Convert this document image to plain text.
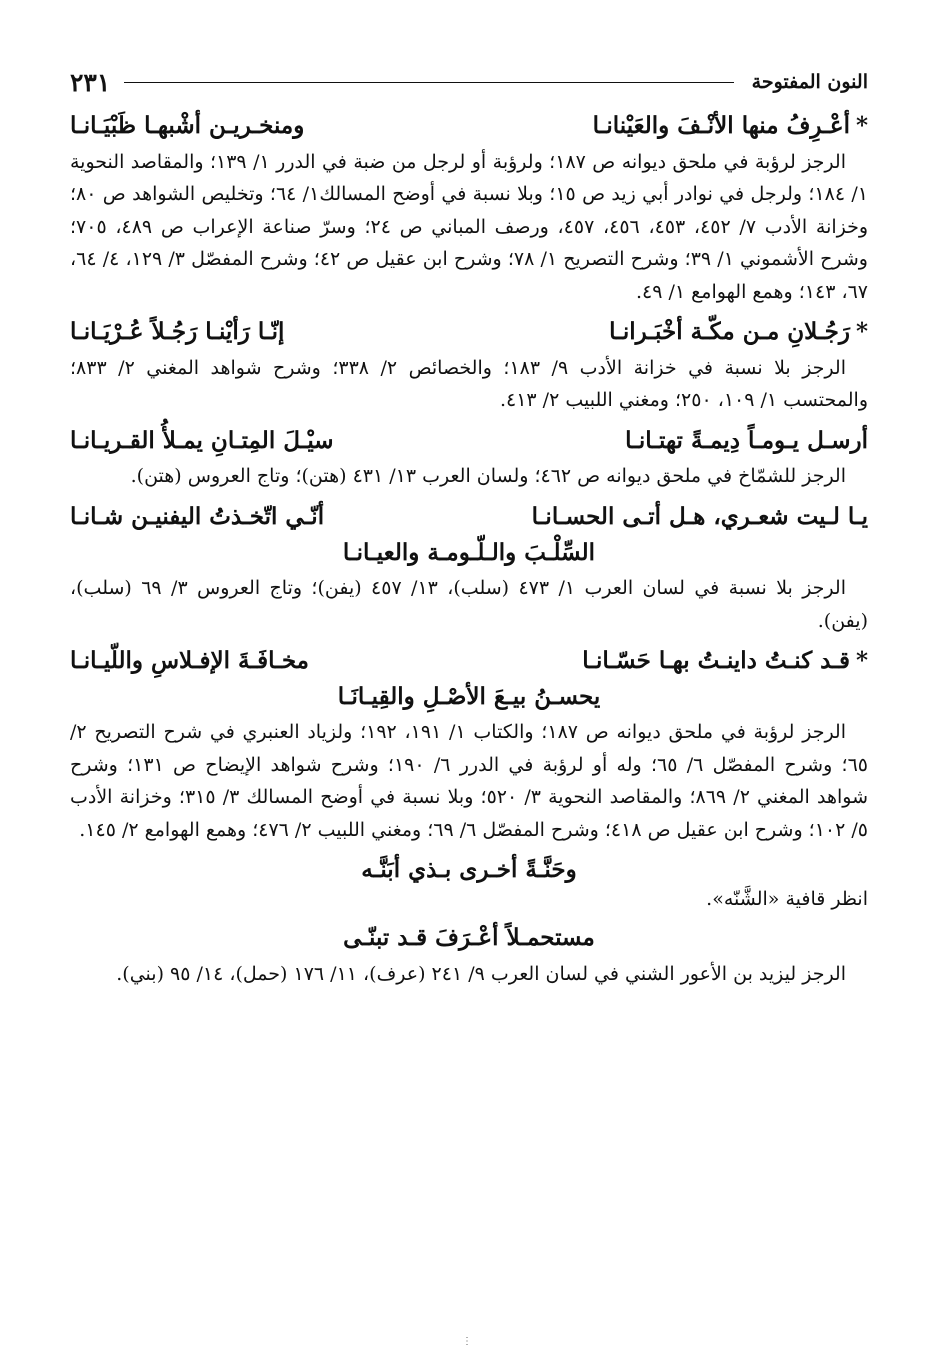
النون المفتوحة
٢٣١
*أعْـرِفُ منها الأنْـفَ والعَيْنانـا
ومنخـريـن أشْبهـا ظَبْيَـانـا
الرجز لرؤبة في ملحق ديوانه ص ١٨٧؛ ولرؤبة أو لرجل من ضبة في الدرر ١/ ١٣٩؛ والمقاصد النحوية ١/ ١٨٤؛ ولرجل في نوادر أبي زيد ص ١٥؛ وبلا نسبة في أوضح المسالك١/ ٦٤؛ وتخليص الشواهد ص ٨٠؛ وخزانة الأدب ٧/ ٤٥٢، ٤٥٣، ٤٥٦، ٤٥٧، ورصف المباني ص ٢٤؛ وسرّ صناعة الإعراب ص ٤٨٩، ٧٠٥؛ وشرح الأشموني ١/ ٣٩؛ وشرح التصريح ١/ ٧٨؛ وشرح ابن عقيل ص ٤٢؛ وشرح المفصّل ٣/ ١٢٩، ٤/ ٦٤، ٦٧، ١٤٣؛ وهمع الهوامع ١/ ٤٩.
*رَجُـلانِ مـن مكّـة أخْبَـرانـا
إنّـا رَأيْنـا رَجُـلاً عُـرْيَـانـا
الرجز بلا نسبة في خزانة الأدب ٩/ ١٨٣؛ والخصائص ٢/ ٣٣٨؛ وشرح شواهد المغني ٢/ ٨٣٣؛ والمحتسب ١/ ١٠٩، ٢٥٠؛ ومغني اللبيب ٢/ ٤١٣.
أرسـل يـومـاً دِيمـةً تهتـانـا
سيْـلَ المِتـانِ يمـلأُ القـريـانـا
الرجز للشمّاخ في ملحق ديوانه ص ٤٦٢؛ ولسان العرب ١٣/ ٤٣١ (هتن)؛ وتاج العروس (هتن).
يـا لـيت شعـري، هـل أتـى الحسـانـا
أنّـي اتّخـذتُ اليفنيـن شـانـا
السِّلْـبَ والـلّـومـة والعيـانـا
الرجز بلا نسبة في لسان العرب ١/ ٤٧٣ (سلب)، ١٣/ ٤٥٧ (يفن)؛ وتاج العروس ٣/ ٦٩ (سلب)، (يفن).
*قـد كنـتُ داينـتُ بهـا حَسّـانـا
مخـافَـةَ الإفـلاسِ واللّيـانـا
يحسـنُ بيـعَ الأصْـلِ والقِيـانَـا
الرجز لرؤبة في ملحق ديوانه ص ١٨٧؛ والكتاب ١/ ١٩١، ١٩٢؛ ولزياد العنبري في شرح التصريح ٢/ ٦٥؛ وشرح المفصّل ٦/ ٦٥؛ وله أو لرؤبة في الدرر ٦/ ١٩٠؛ وشرح شواهد الإيضاح ص ١٣١؛ وشرح شواهد المغني ٢/ ٨٦٩؛ والمقاصد النحوية ٣/ ٥٢٠؛ وبلا نسبة في أوضح المسالك ٣/ ٣١٥؛ وخزانة الأدب ٥/ ١٠٢؛ وشرح ابن عقيل ص ٤١٨؛ وشرح المفصّل ٦/ ٦٩؛ ومغني اللبيب ٢/ ٤٧٦؛ وهمع الهوامع ٢/ ١٤٥.
وحَنَّـةً أخـرى بـذي أبَنَّـه
انظر قافية «الشَّنّه».
مستحمـلاً أعْـرَفَ قـد تبنّـى
الرجز ليزيد بن الأعور الشني في لسان العرب ٩/ ٢٤١ (عرف)، ١١/ ١٧٦ (حمل)، ١٤/ ٩٥ (بني).
⋮
